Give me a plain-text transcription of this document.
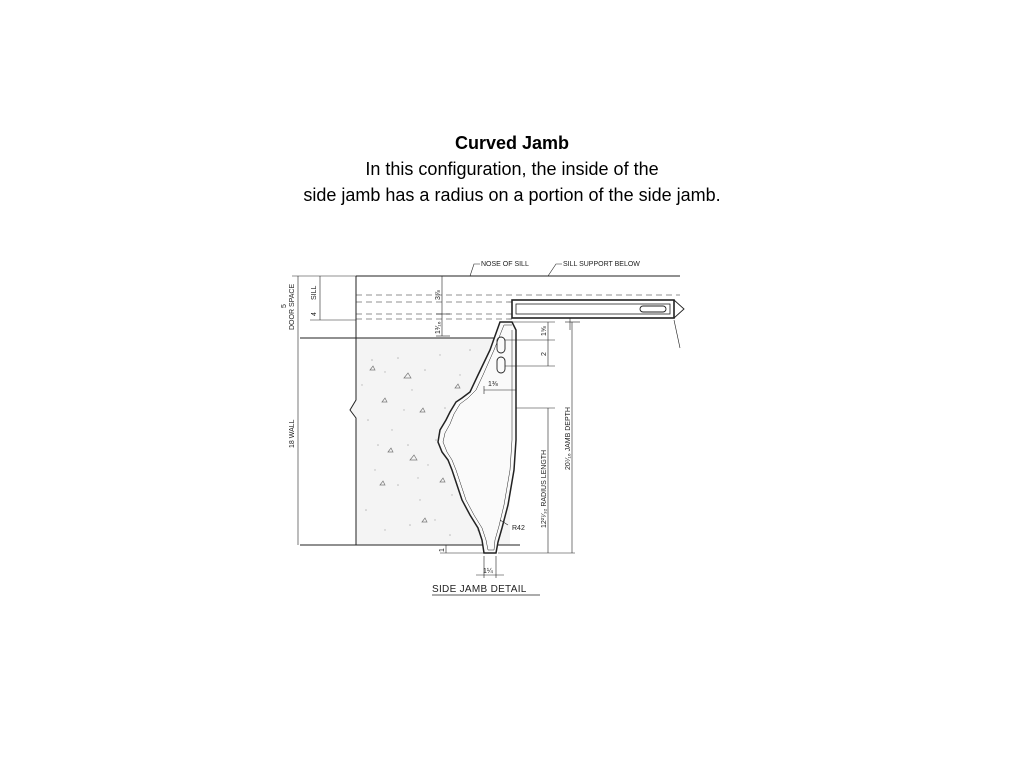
Curved Jamb
In this configuration, the inside of the
side jamb has a radius on a portion of the side jamb.
NOSE OF SILL	SILL SUPPORT BELOW
5 DOOR SPACE 4
SILL
18 WALL
3⅞
1³⁄₁₆	1⅝
2
1⅜
12²⁷⁄₃₂ RADIUS LENGTH
20⁷⁄₁₆ JAMB DEPTH
R42
1
1¼
SIDE JAMB DETAIL
